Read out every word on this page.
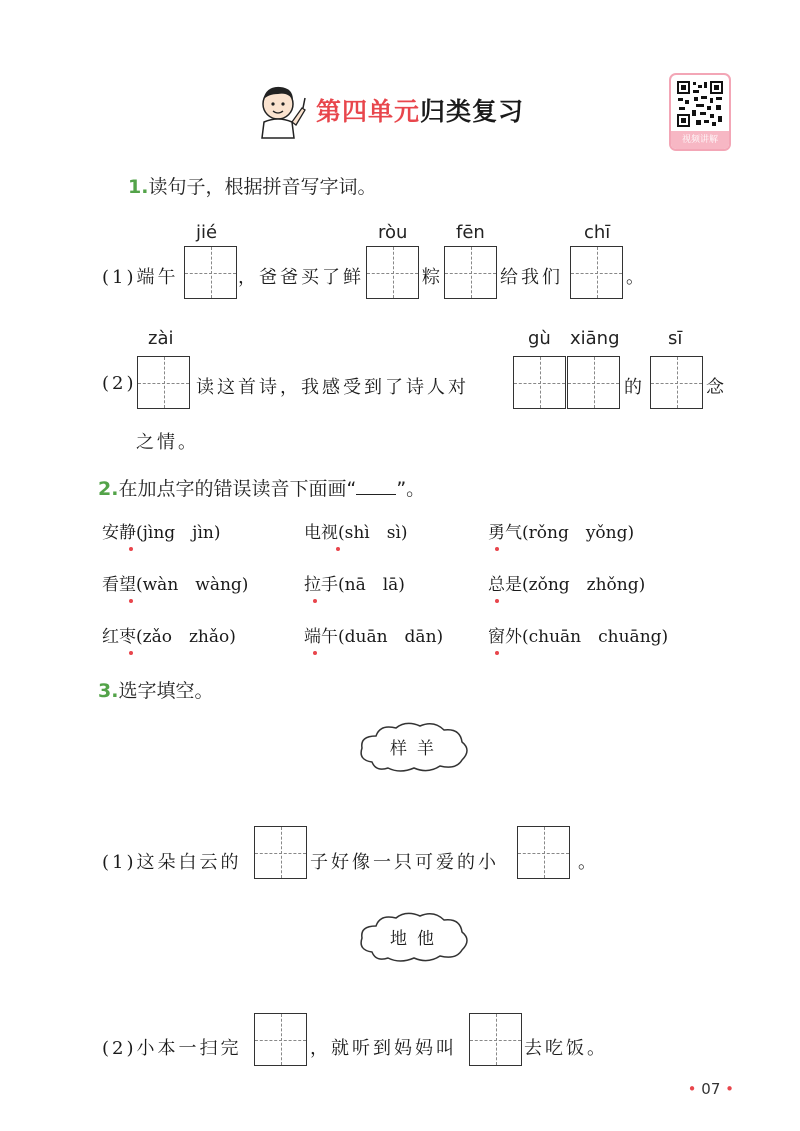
第四单元归类复习
视频讲解
1.读句子，根据拼音写字词。
jié	ròu	fēn	chī
(1)端午	，爸爸买了鲜	粽	给我们	。
zài	gù xiāng	sī
(2)	读这首诗，我感受到了诗人对	的	念
之情。
2.在加点字的错误读音下面画“ ”。
安静(jìng　jìn)	电视(shì　sì)	勇气(rǒng　yǒng)
看望(wàn　wàng)	拉手(nā　lā)	总是(zǒng　zhǒng)
红枣(zǎo　zhǎo)	端午(duān　dān)	窗外(chuān　chuāng)
3.选字填空。
样羊
(1)这朵白云的	子好像一只可爱的小	。
地他
(2)小本一扫完	，就听到妈妈叫	去吃饭。
• 07 •
